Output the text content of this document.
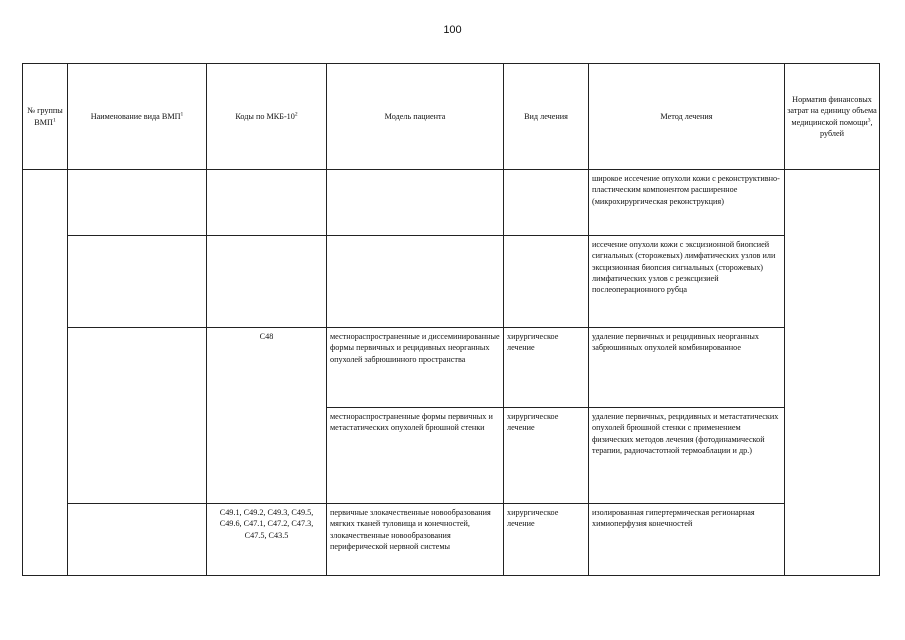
100
№ группы ВМП$^1$	Наименование вида ВМП$^1$	Коды по МКБ-$10^2$	Модель пациента	Вид лечения	Метод лечения	Норматив финансовых затрат на единицу объема медицинской помощи$^3$, рублей
					широкое иссечение опухоли кожи с реконструктивно-пластическим компонентом расширенное (микрохирургическая реконструкция)	
					иссечение опухоли кожи с эксцизионной биопсией сигнальных (сторожевых) лимфатических узлов или эксцизионная биопсия сигнальных (сторожевых) лимфатических узлов с реэксцизией послеоперационного рубца	
		C48	местнораспространенные и диссеминированные формы первичных и рецидивных неорганных опухолей забрюшинного пространства	хирургическое лечение	удаление первичных и рецидивных неорганных забрюшинных опухолей комбинированное	
			местнораспространенные формы первичных и метастатических опухолей брюшной стенки	хирургическое лечение	удаление первичных, рецидивных и метастатических опухолей брюшной стенки с применением физических методов лечения (фотодинамической терапии, радиочастотной термоаблации и др.)	
		C49.1, C49.2, C49.3, C49.5, C49.6, C47.1, C47.2, C47.3, C47.5, C43.5	первичные злокачественные новообразования мягких тканей туловища и конечностей, злокачественные новообразования периферической нервной системы	хирургическое лечение	изолированная гипертермическая регионарная химиоперфузия конечностей	
